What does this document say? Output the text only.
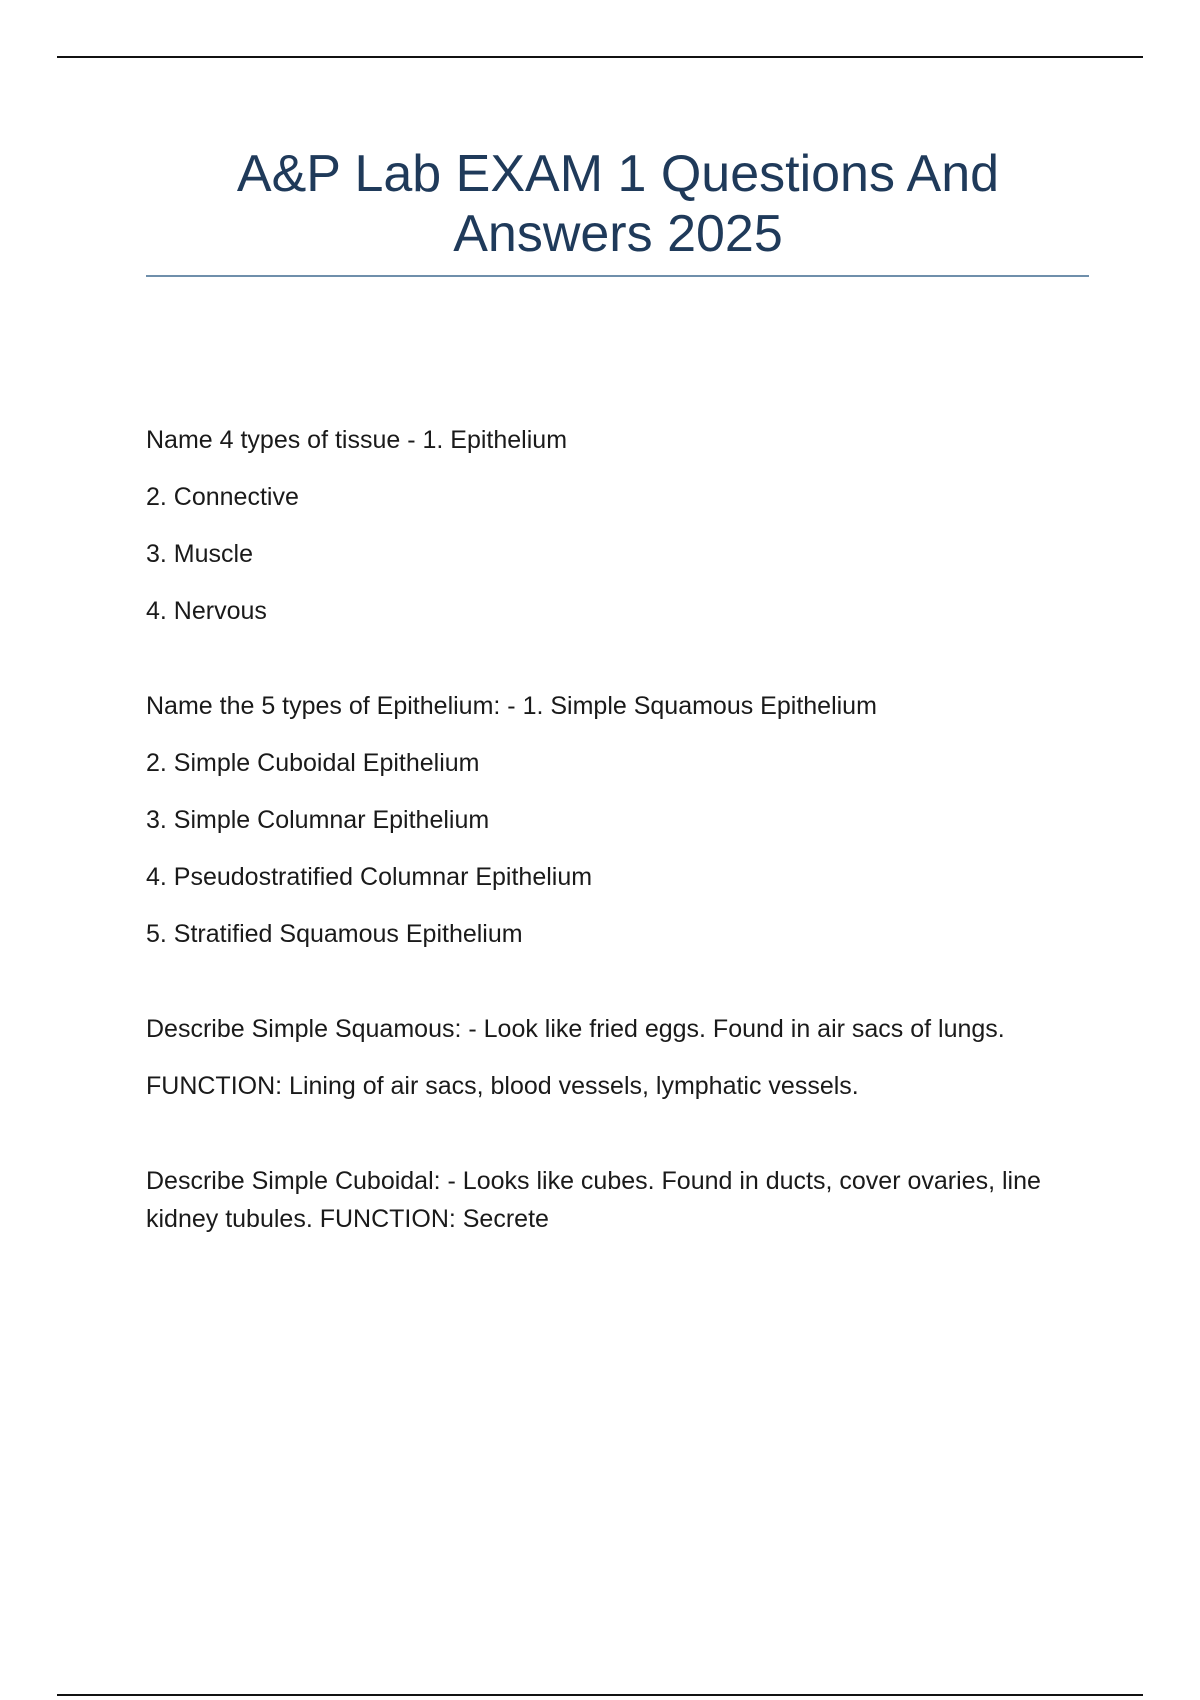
A&P Lab EXAM 1 Questions And
Answers 2025

Name 4 types of tissue - 1. Epithelium

2. Connective

3. Muscle

4. Nervous

Name the 5 types of Epithelium: - 1. Simple Squamous Epithelium

2. Simple Cuboidal Epithelium

3. Simple Columnar Epithelium

4. Pseudostratified Columnar Epithelium

5. Stratified Squamous Epithelium

Describe Simple Squamous: - Look like fried eggs. Found in air sacs of lungs.

FUNCTION: Lining of air sacs, blood vessels, lymphatic vessels.

Describe Simple Cuboidal: - Looks like cubes. Found in ducts, cover ovaries, line kidney tubules. FUNCTION: Secrete
